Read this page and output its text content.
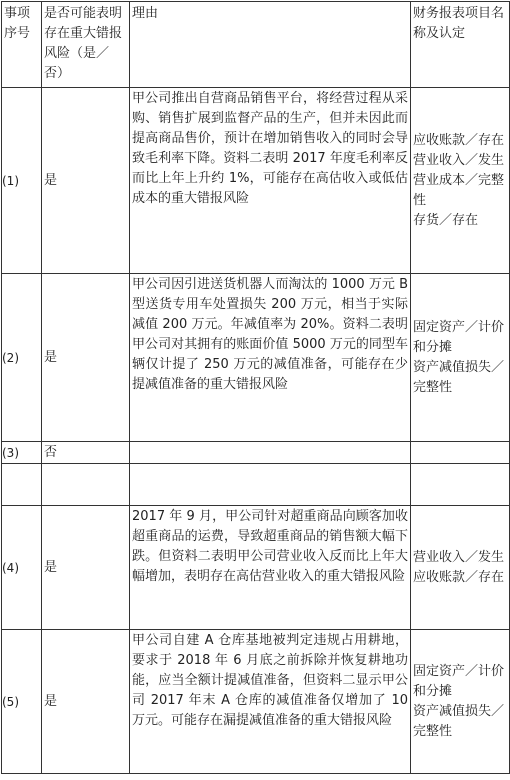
事项序号	是否可能表明存在重大错报风险（是／否）	理由	财务报表项目名称及认定
(1)	是	甲公司推出自营商品销售平台，将经营过程从采购、销售扩展到监督产品的生产，但并未因此而提高商品售价，预计在增加销售收入的同时会导致毛利率下降。资料二表明 2017 年度毛利率反而比上年上升约 1%，可能存在高估收入或低估成本的重大错报风险	应收账款／存在
营业收入／发生
营业成本／完整性
存货／存在

(2)	是	甲公司因引进送货机器人而淘汰的 1000 万元 B 型送货专用车处置损失 200 万元，相当于实际减值 200 万元。年减值率为 20%。资料二表明甲公司对其拥有的账面价值 5000 万元的同型车辆仅计提了 250 万元的减值准备，可能存在少提减值准备的重大错报风险	固定资产／计价和分摊
资产减值损失／完整性

(3)	否		

(4)	是	2017 年 9 月，甲公司针对超重商品向顾客加收超重商品的运费，导致超重商品的销售额大幅下跌。但资料二表明甲公司营业收入反而比上年大幅增加，表明存在高估营业收入的重大错报风险	营业收入／发生
应收账款／存在

(5)	是	甲公司自建 A 仓库基地被判定违规占用耕地，要求于 2018 年 6 月底之前拆除并恢复耕地功能，应当全额计提减值准备，但资料二显示甲公司 2017 年末 A 仓库的减值准备仅增加了 10 万元。可能存在漏提减值准备的重大错报风险	固定资产／计价和分摊
资产减值损失／完整性
